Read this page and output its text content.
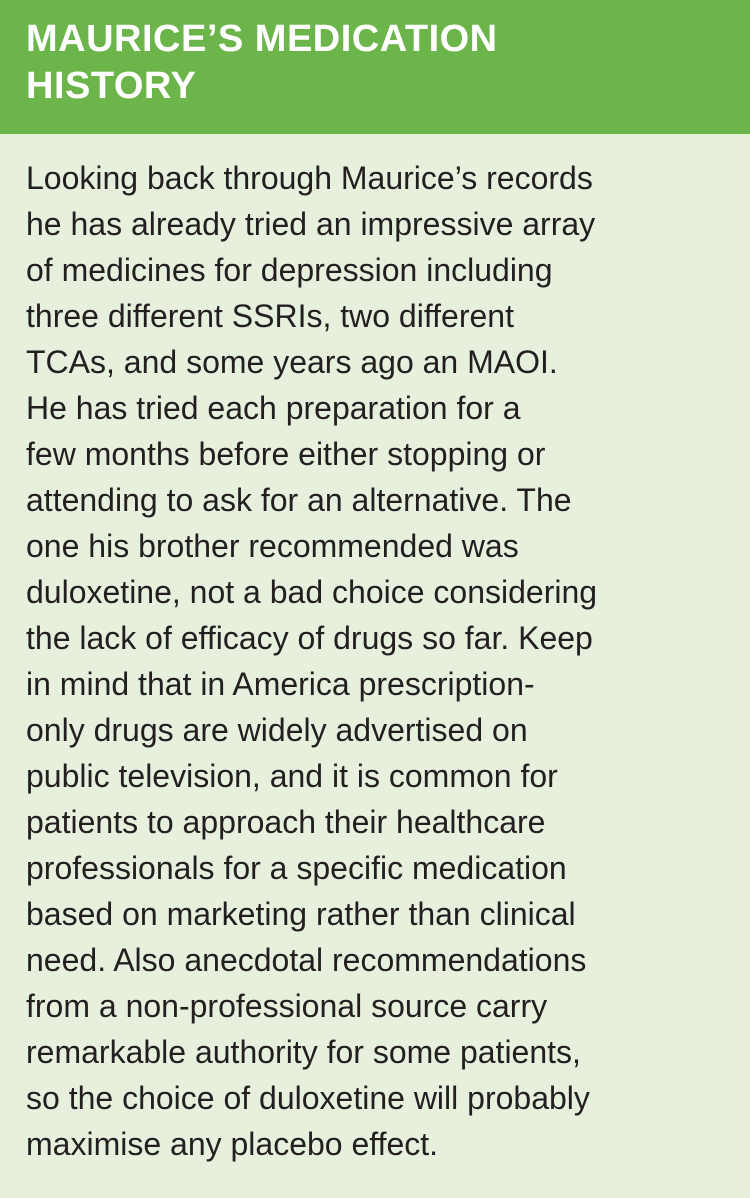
MAURICE’S MEDICATION
HISTORY

Looking back through Maurice’s records
he has already tried an impressive array
of medicines for depression including
three different SSRIs, two different
TCAs, and some years ago an MAOI.
He has tried each preparation for a
few months before either stopping or
attending to ask for an alternative. The
one his brother recommended was
duloxetine, not a bad choice considering
the lack of efficacy of drugs so far. Keep
in mind that in America prescription-
only drugs are widely advertised on
public television, and it is common for
patients to approach their healthcare
professionals for a specific medication
based on marketing rather than clinical
need. Also anecdotal recommendations
from a non-professional source carry
remarkable authority for some patients,
so the choice of duloxetine will probably
maximise any placebo effect.
